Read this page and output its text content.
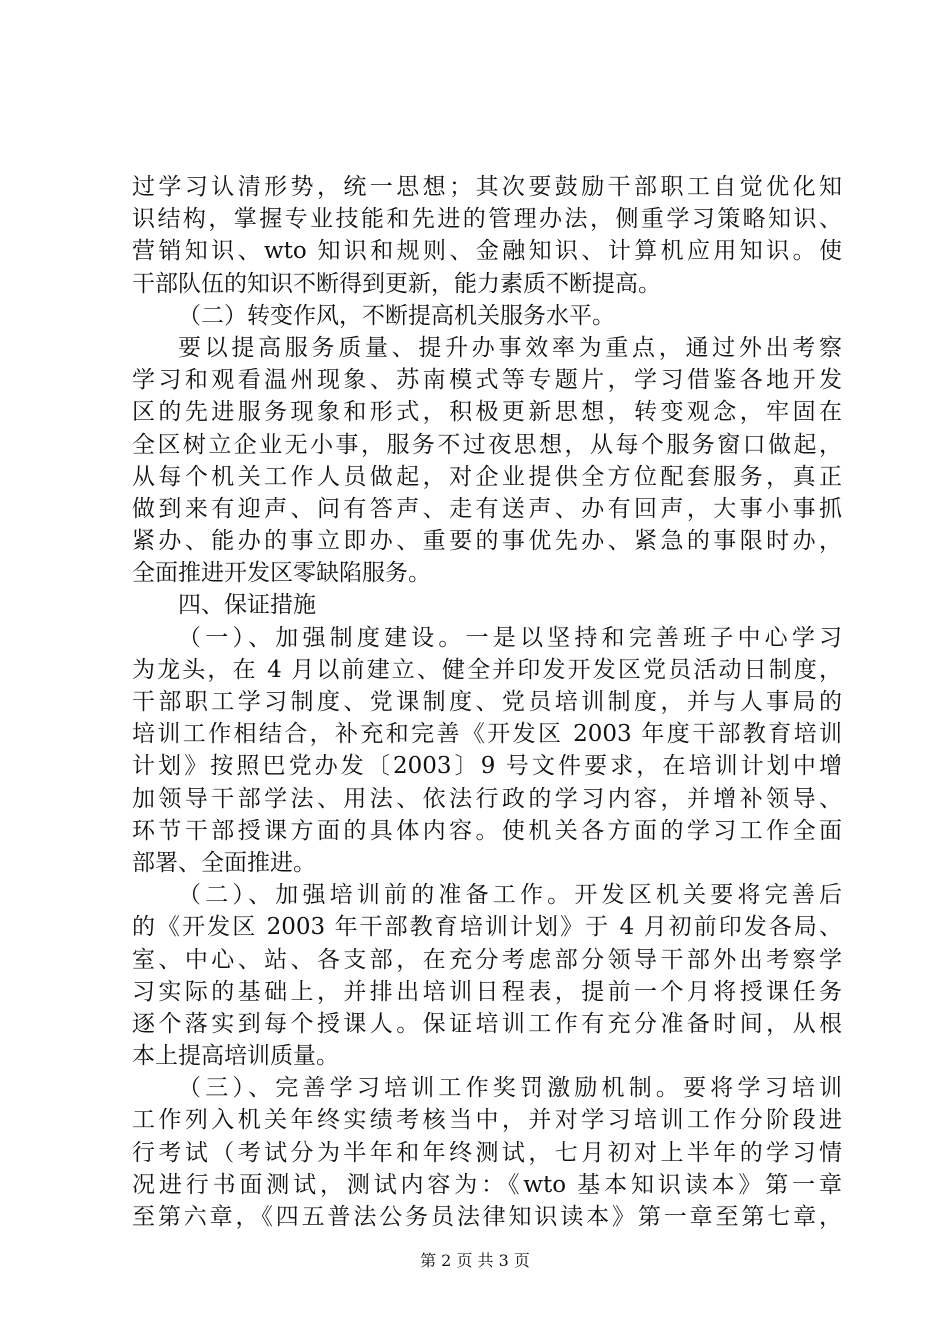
过学习认清形势，统一思想；其次要鼓励干部职工自觉优化知
识结构，掌握专业技能和先进的管理办法，侧重学习策略知识、
营销知识、wto 知识和规则、金融知识、计算机应用知识。使
干部队伍的知识不断得到更新，能力素质不断提高。
（二）转变作风，不断提高机关服务水平。
要以提高服务质量、提升办事效率为重点，通过外出考察
学习和观看温州现象、苏南模式等专题片，学习借鉴各地开发
区的先进服务现象和形式，积极更新思想，转变观念，牢固在
全区树立企业无小事，服务不过夜思想，从每个服务窗口做起，
从每个机关工作人员做起，对企业提供全方位配套服务，真正
做到来有迎声、问有答声、走有送声、办有回声，大事小事抓
紧办、能办的事立即办、重要的事优先办、紧急的事限时办，
全面推进开发区零缺陷服务。
四、保证措施
（一）、加强制度建设。一是以坚持和完善班子中心学习
为龙头，在 4 月以前建立、健全并印发开发区党员活动日制度，
干部职工学习制度、党课制度、党员培训制度，并与人事局的
培训工作相结合，补充和完善《开发区 2003 年度干部教育培训
计划》按照巴党办发〔2003〕9 号文件要求，在培训计划中增
加领导干部学法、用法、依法行政的学习内容，并增补领导、
环节干部授课方面的具体内容。使机关各方面的学习工作全面
部署、全面推进。
（二）、加强培训前的准备工作。开发区机关要将完善后
的《开发区 2003 年干部教育培训计划》于 4 月初前印发各局、
室、中心、站、各支部，在充分考虑部分领导干部外出考察学
习实际的基础上，并排出培训日程表，提前一个月将授课任务
逐个落实到每个授课人。保证培训工作有充分准备时间，从根
本上提高培训质量。
（三）、完善学习培训工作奖罚激励机制。要将学习培训
工作列入机关年终实绩考核当中，并对学习培训工作分阶段进
行考试（考试分为半年和年终测试，七月初对上半年的学习情
况进行书面测试，测试内容为：《wto 基本知识读本》第一章
至第六章，《四五普法公务员法律知识读本》第一章至第七章，
第 2 页 共 3 页
